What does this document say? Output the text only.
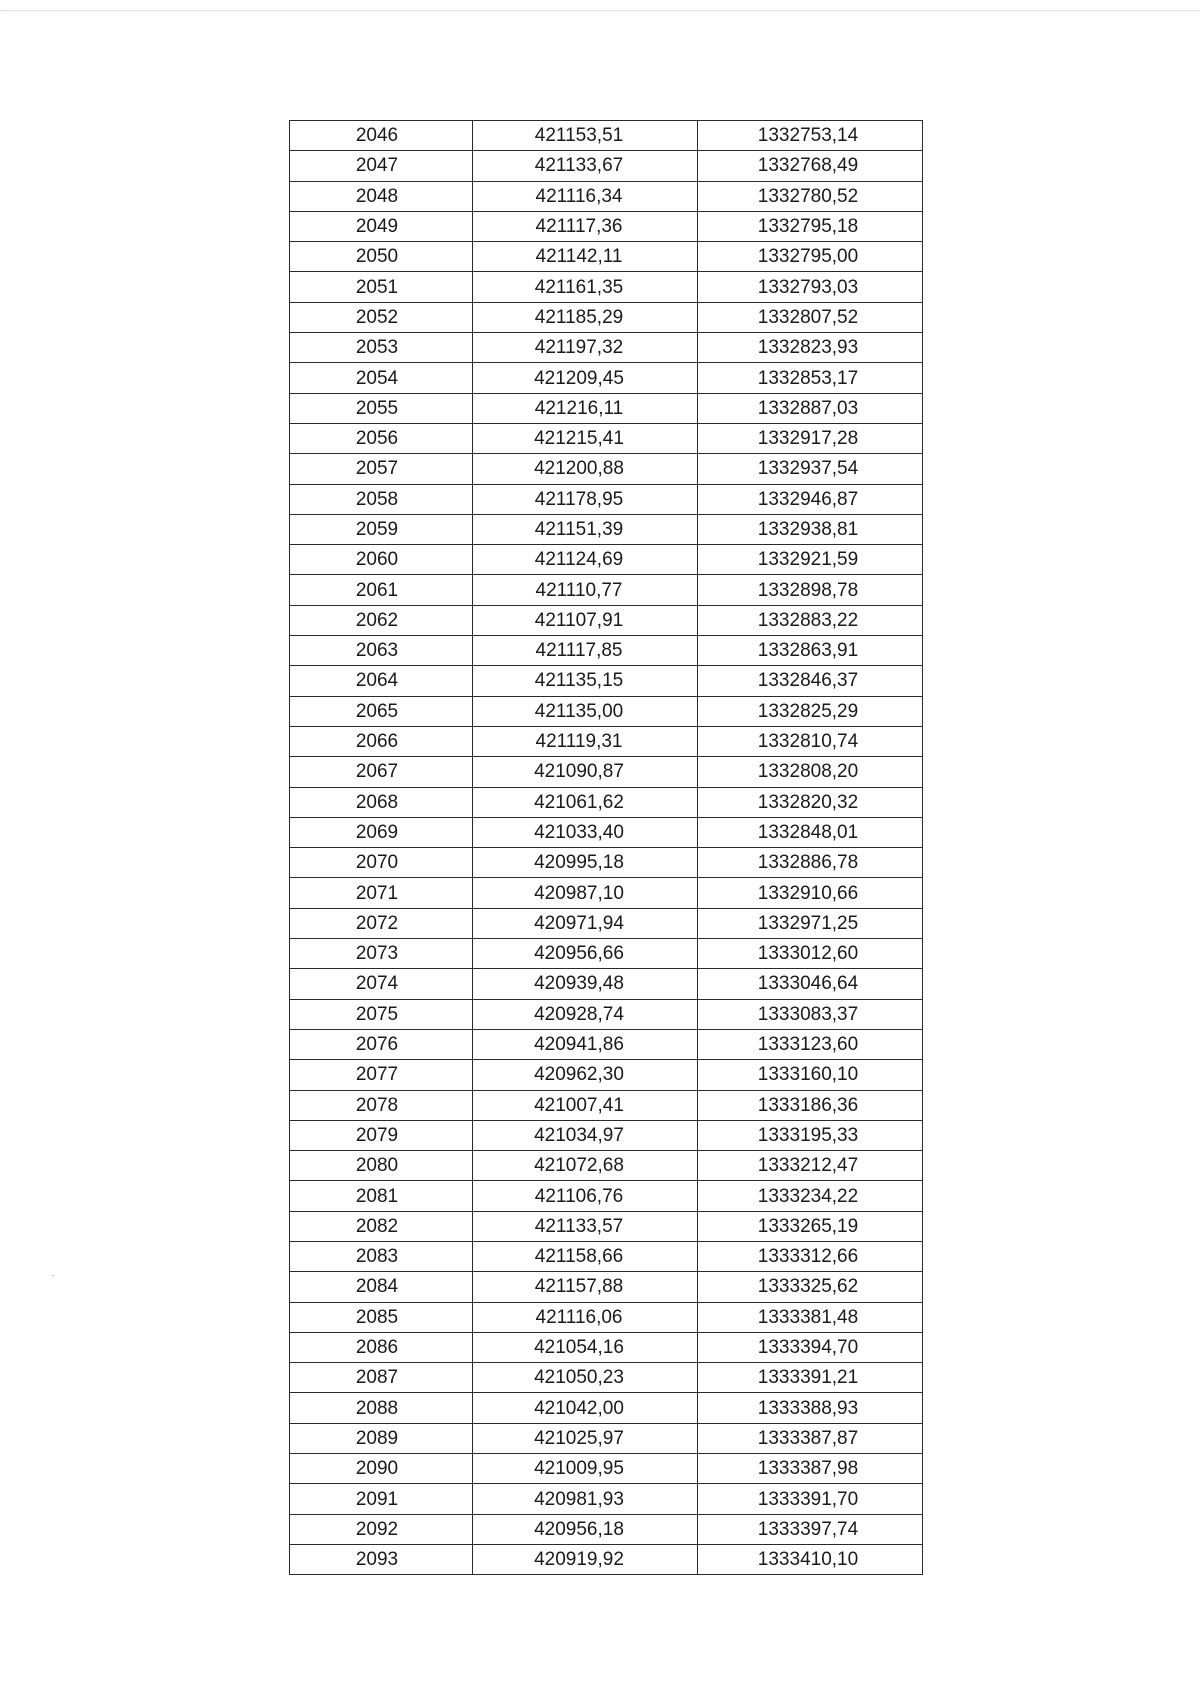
2046	421153,51	1332753,14
2047	421133,67	1332768,49
2048	421116,34	1332780,52
2049	421117,36	1332795,18
2050	421142,11	1332795,00
2051	421161,35	1332793,03
2052	421185,29	1332807,52
2053	421197,32	1332823,93
2054	421209,45	1332853,17
2055	421216,11	1332887,03
2056	421215,41	1332917,28
2057	421200,88	1332937,54
2058	421178,95	1332946,87
2059	421151,39	1332938,81
2060	421124,69	1332921,59
2061	421110,77	1332898,78
2062	421107,91	1332883,22
2063	421117,85	1332863,91
2064	421135,15	1332846,37
2065	421135,00	1332825,29
2066	421119,31	1332810,74
2067	421090,87	1332808,20
2068	421061,62	1332820,32
2069	421033,40	1332848,01
2070	420995,18	1332886,78
2071	420987,10	1332910,66
2072	420971,94	1332971,25
2073	420956,66	1333012,60
2074	420939,48	1333046,64
2075	420928,74	1333083,37
2076	420941,86	1333123,60
2077	420962,30	1333160,10
2078	421007,41	1333186,36
2079	421034,97	1333195,33
2080	421072,68	1333212,47
2081	421106,76	1333234,22
2082	421133,57	1333265,19
2083	421158,66	1333312,66
2084	421157,88	1333325,62
2085	421116,06	1333381,48
2086	421054,16	1333394,70
2087	421050,23	1333391,21
2088	421042,00	1333388,93
2089	421025,97	1333387,87
2090	421009,95	1333387,98
2091	420981,93	1333391,70
2092	420956,18	1333397,74
2093	420919,92	1333410,10
